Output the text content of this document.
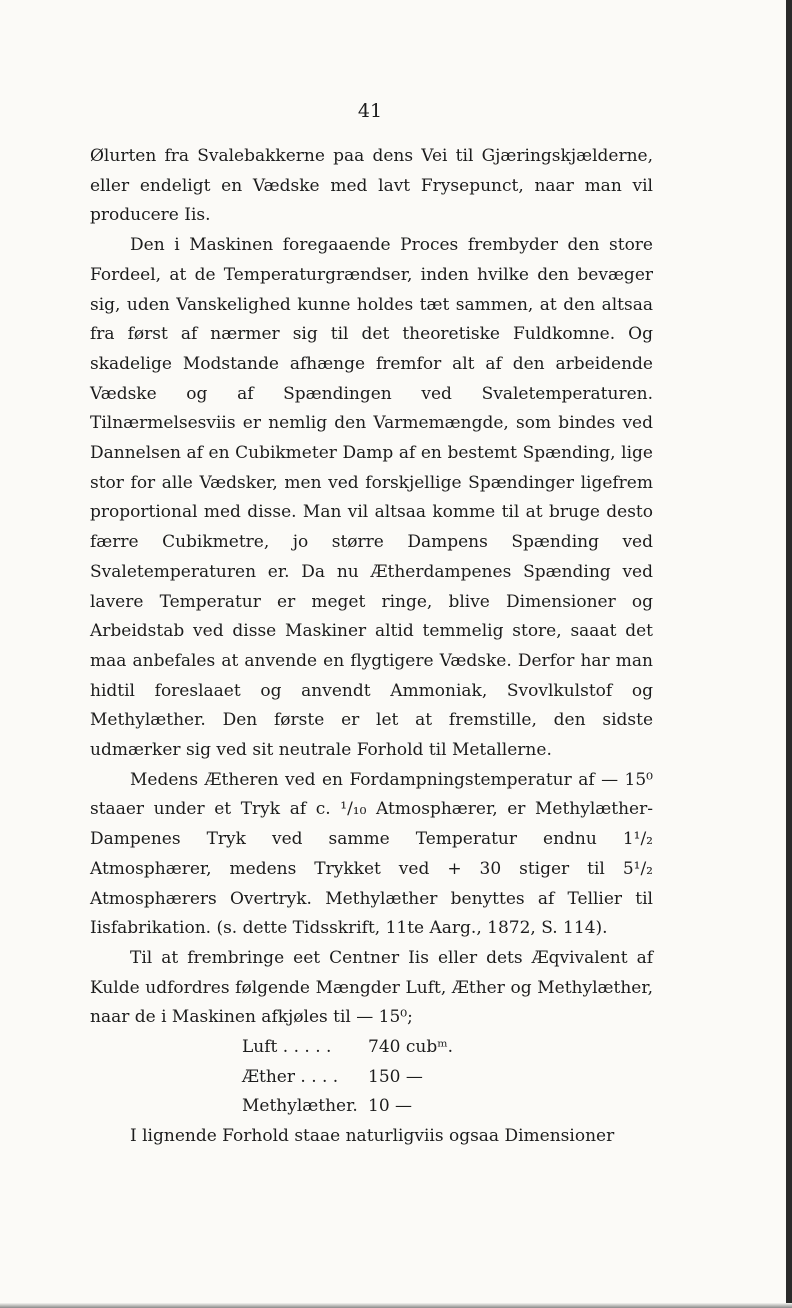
41

Ølurten fra Svalebakkerne paa dens Vei til Gjæringskjælderne, eller endeligt en Vædske med lavt Frysepunct, naar man vil producere Iis.

Den i Maskinen foregaaende Proces frembyder den store Fordeel, at de Temperaturgrændser, inden hvilke den bevæger sig, uden Vanskelighed kunne holdes tæt sammen, at den altsaa fra først af nærmer sig til det theoretiske Fuldkomne. Og skadelige Modstande afhænge fremfor alt af den arbeidende Vædske og af Spændingen ved Svaletemperaturen. Tilnærmelsesviis er nemlig den Varmemængde, som bindes ved Dannelsen af en Cubikmeter Damp af en bestemt Spænding, lige stor for alle Vædsker, men ved forskjellige Spændinger ligefrem proportional med disse. Man vil altsaa komme til at bruge desto færre Cubikmetre, jo større Dampens Spænding ved Svaletemperaturen er. Da nu Ætherdampenes Spænding ved lavere Temperatur er meget ringe, blive Dimensioner og Arbeidstab ved disse Maskiner altid temmelig store, saaat det maa anbefales at anvende en flygtigere Vædske. Derfor har man hidtil foreslaaet og anvendt Ammoniak, Svovlkulstof og Methylæther. Den første er let at fremstille, den sidste udmærker sig ved sit neutrale Forhold til Metallerne.

Medens Ætheren ved en Fordampningstemperatur af — 15⁰ staaer under et Tryk af c. ¹/₁₀ Atmosphærer, er Methylæther-Dampenes Tryk ved samme Temperatur endnu 1¹/₂ Atmosphærer, medens Trykket ved + 30 stiger til 5¹/₂ Atmosphærers Overtryk. Methylæther benyttes af Tellier til Iisfabrikation. (s. dette Tidsskrift, 11te Aarg., 1872, S. 114).

Til at frembringe eet Centner Iis eller dets Æqvivalent af Kulde udfordres følgende Mængder Luft, Æther og Methylæther, naar de i Maskinen afkjøles til — 15⁰;

Luft . . . . .	740 cubᵐ.
Æther . . . .	150 —
Methylæther. 10 —

I lignende Forhold staae naturligviis ogsaa Dimensioner
